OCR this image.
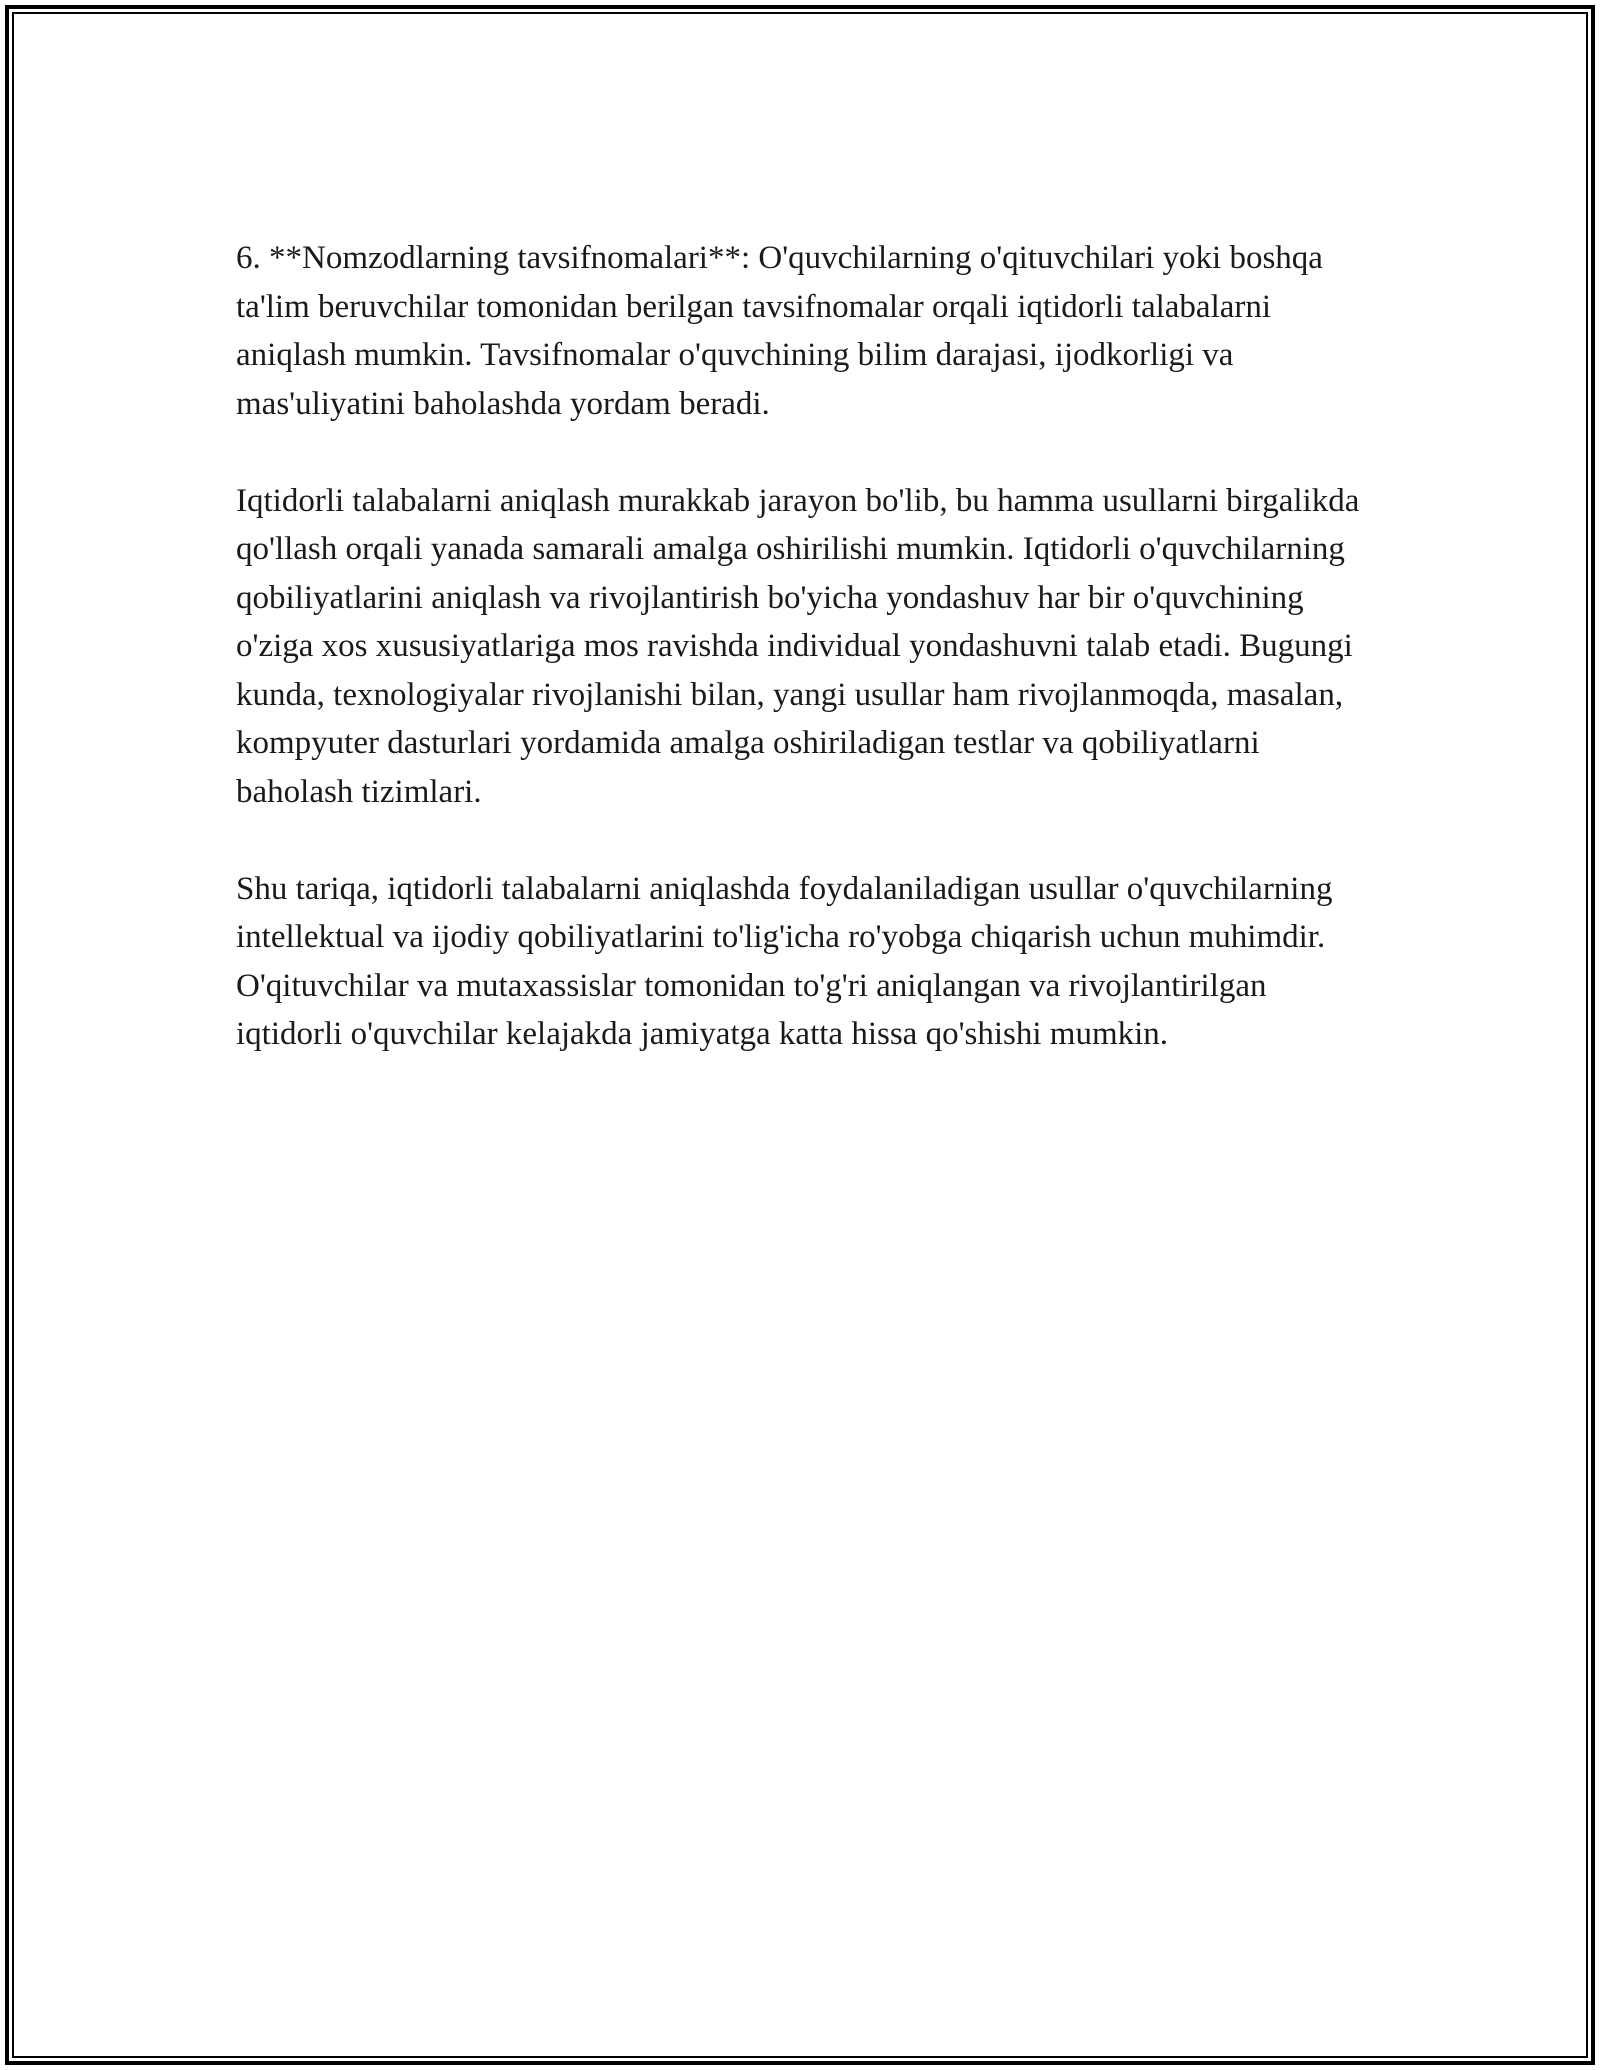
6. **Nomzodlarning tavsifnomalari**: O'quvchilarning o'qituvchilari yoki boshqa ta'lim beruvchilar tomonidan berilgan tavsifnomalar orqali iqtidorli talabalarni aniqlash mumkin. Tavsifnomalar o'quvchining bilim darajasi, ijodkorligi va mas'uliyatini baholashda yordam beradi.

Iqtidorli talabalarni aniqlash murakkab jarayon bo'lib, bu hamma usullarni birgalikda qo'llash orqali yanada samarali amalga oshirilishi mumkin. Iqtidorli o'quvchilarning qobiliyatlarini aniqlash va rivojlantirish bo'yicha yondashuv har bir o'quvchining o'ziga xos xususiyatlariga mos ravishda individual yondashuvni talab etadi. Bugungi kunda, texnologiyalar rivojlanishi bilan, yangi usullar ham rivojlanmoqda, masalan, kompyuter dasturlari yordamida amalga oshiriladigan testlar va qobiliyatlarni baholash tizimlari.

Shu tariqa, iqtidorli talabalarni aniqlashda foydalaniladigan usullar o'quvchilarning intellektual va ijodiy qobiliyatlarini to'lig'icha ro'yobga chiqarish uchun muhimdir. O'qituvchilar va mutaxassislar tomonidan to'g'ri aniqlangan va rivojlantirilgan iqtidorli o'quvchilar kelajakda jamiyatga katta hissa qo'shishi mumkin.
